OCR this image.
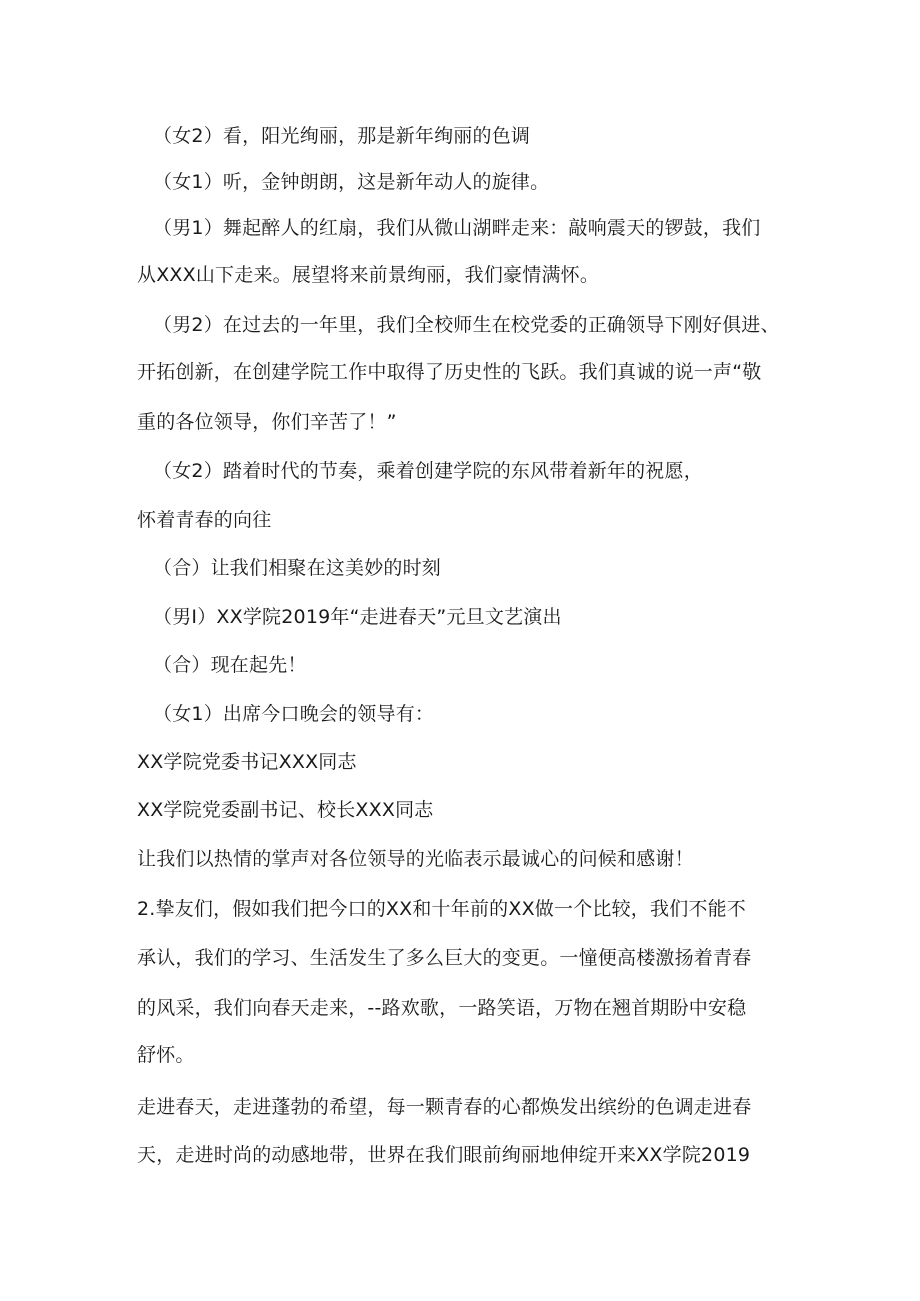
（女2）看，阳光绚丽，那是新年绚丽的色调
（女1）听，金钟朗朗，这是新年动人的旋律。
（男1）舞起醉人的红扇，我们从微山湖畔走来：敲响震天的锣鼓，我们
从XXX山下走来。展望将来前景绚丽，我们豪情满怀。
（男2）在过去的一年里，我们全校师生在校党委的正确领导下刚好俱进、
开拓创新，在创建学院工作中取得了历史性的飞跃。我们真诚的说一声“敬
重的各位领导，你们辛苦了！”
（女2）踏着时代的节奏，乘着创建学院的东风带着新年的祝愿，
怀着青春的向往
（合）让我们相聚在这美妙的时刻
（男I）XX学院2019年“走进春天”元旦文艺演出
（合）现在起先！
（女1）出席今口晚会的领导有：
XX学院党委书记XXX同志
XX学院党委副书记、校长XXX同志
让我们以热情的掌声对各位领导的光临表示最诚心的问候和感谢！
2.挚友们，假如我们把今口的XX和十年前的XX做一个比较，我们不能不
承认，我们的学习、生活发生了多么巨大的变更。一憧便高楼激扬着青春
的风采，我们向春天走来，--路欢歌，一路笑语，万物在翘首期盼中安稳
舒怀。
走进春天，走进蓬勃的希望，每一颗青春的心都焕发出缤纷的色调走进春
天，走进时尚的动感地带，世界在我们眼前绚丽地伸绽开来XX学院2019
